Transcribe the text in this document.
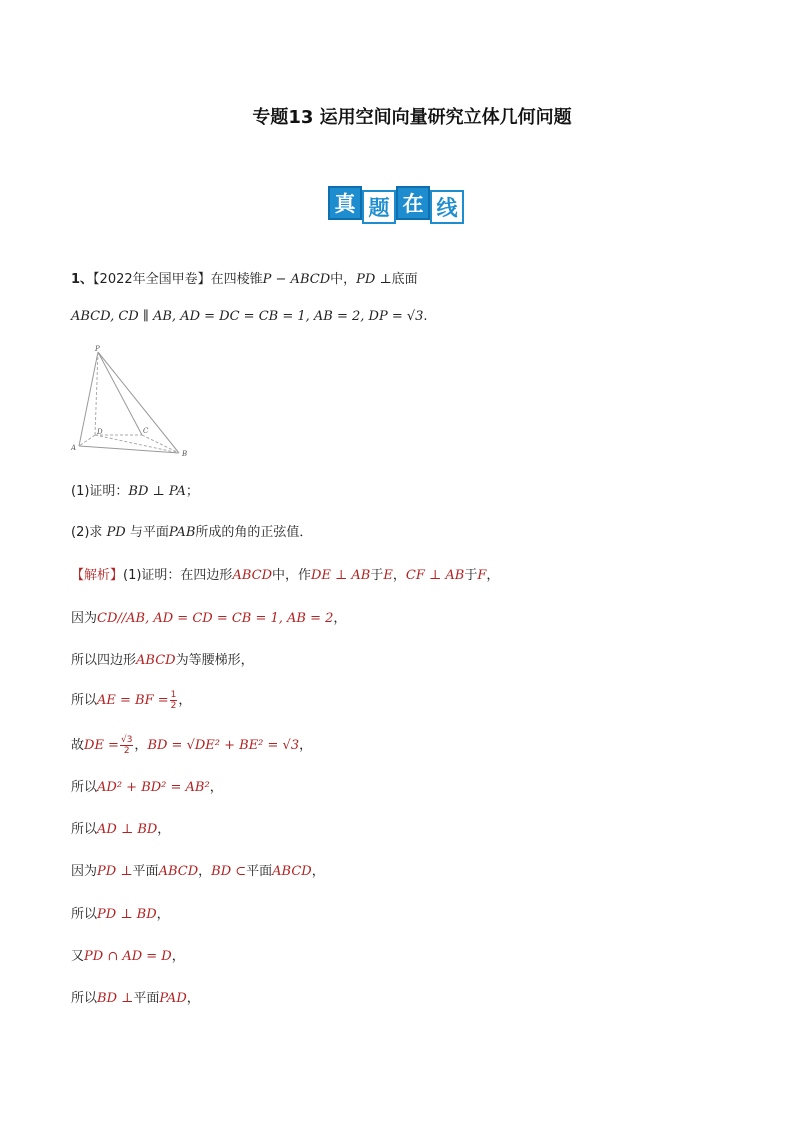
专题13 运用空间向量研究立体几何问题
真 题 在 线
1、【2022年全国甲卷】在四棱锥P − ABCD中，PD ⊥底面
ABCD, CD ∥ AB, AD = DC = CB = 1, AB = 2, DP = √3.
P
A
B
C
D
(1)证明：BD ⊥ PA；
(2)求 PD 与平面PAB所成的角的正弦值．
【解析】(1)证明：在四边形ABCD中，作DE ⊥ AB于E，CF ⊥ AB于F，
因为CD//AB, AD = CD = CB = 1, AB = 2，
所以四边形ABCD为等腰梯形，
所以AE = BF = $\frac{1}{2}$ ，
故DE = $\frac{√3}{2}$ ，BD = √DE² + BE² = √3，
所以AD² + BD² = AB²，
所以AD ⊥ BD，
因为PD ⊥平面ABCD，BD ⊂平面ABCD，
所以PD ⊥ BD，
又PD ∩ AD = D，
所以BD ⊥平面PAD，
